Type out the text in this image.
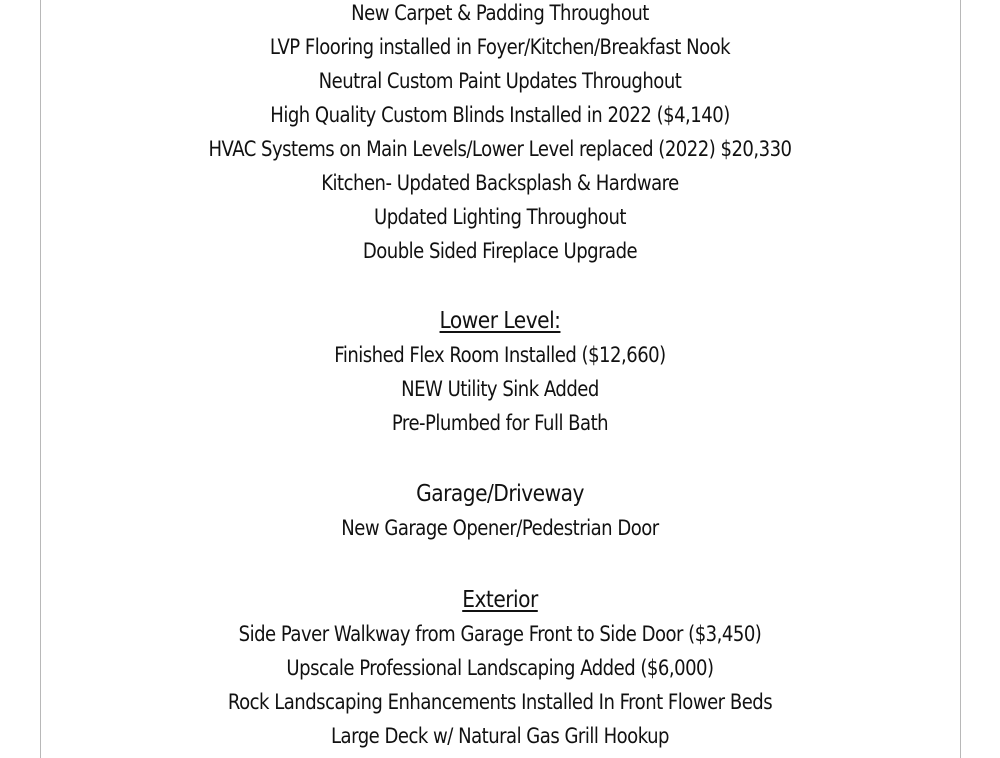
New Carpet & Padding Throughout
LVP Flooring installed in Foyer/Kitchen/Breakfast Nook
Neutral Custom Paint Updates Throughout
High Quality Custom Blinds Installed in 2022 ($4,140)
HVAC Systems on Main Levels/Lower Level replaced (2022) $20,330
Kitchen- Updated Backsplash & Hardware
Updated Lighting Throughout
Double Sided Fireplace Upgrade
Lower Level:
Finished Flex Room Installed ($12,660)
NEW Utility Sink Added
Pre-Plumbed for Full Bath
Garage/Driveway
New Garage Opener/Pedestrian Door
Exterior
Side Paver Walkway from Garage Front to Side Door ($3,450)
Upscale Professional Landscaping Added ($6,000)
Rock Landscaping Enhancements Installed In Front Flower Beds
Large Deck w/ Natural Gas Grill Hookup
